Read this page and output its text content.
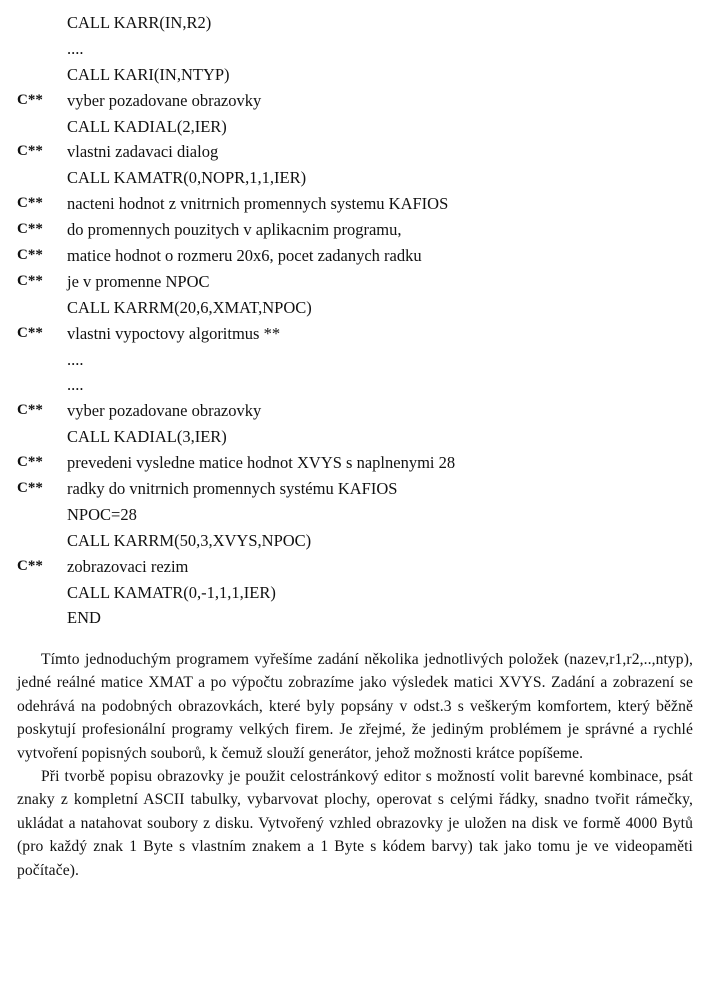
CALL KARR(IN,R2)
....
CALL KARI(IN,NTYP)
C** vyber pozadovane obrazovky
CALL KADIAL(2,IER)
C** vlastni zadavaci dialog
CALL KAMATR(0,NOPR,1,1,IER)
C** nacteni hodnot z vnitrnich promennych systemu KAFIOS
C** do promennych pouzitych v aplikacnim programu,
C** matice hodnot o rozmeru 20x6, pocet zadanych radku
C** je v promenne NPOC
CALL KARRM(20,6,XMAT,NPOC)
C** vlastni vypoctovy algoritmus **
....
....
C** vyber pozadovane obrazovky
CALL KADIAL(3,IER)
C** prevedeni vysledne matice hodnot XVYS s naplnenymi 28
C** radky do vnitrnich promennych systému KAFIOS
NPOC=28
CALL KARRM(50,3,XVYS,NPOC)
C** zobrazovaci rezim
CALL KAMATR(0,-1,1,1,IER)
END

Tímto jednoduchým programem vyřešíme zadání několika jednotlivých položek (nazev,r1,r2,..,ntyp), jedné reálné matice XMAT a po výpočtu zobrazíme jako výsledek matici XVYS. Zadání a zobrazení se odehrává na podobných obrazovkách, které byly popsány v odst.3 s veškerým komfortem, který běžně poskytují profesionální programy velkých firem. Je zřejmé, že jediným problémem je správné a rychlé vytvoření popisných souborů, k čemuž slouží generátor, jehož možnosti krátce popíšeme.

Při tvorbě popisu obrazovky je použit celostránkový editor s možností volit barevné kombinace, psát znaky z kompletní ASCII tabulky, vybarvovat plochy, operovat s celými řádky, snadno tvořit rámečky, ukládat a natahovat soubory z disku. Vytvořený vzhled obrazovky je uložen na disk ve formě 4000 Bytů (pro každý znak 1 Byte s vlastním znakem a 1 Byte s kódem barvy) tak jako tomu je ve videopaměti počítače).
